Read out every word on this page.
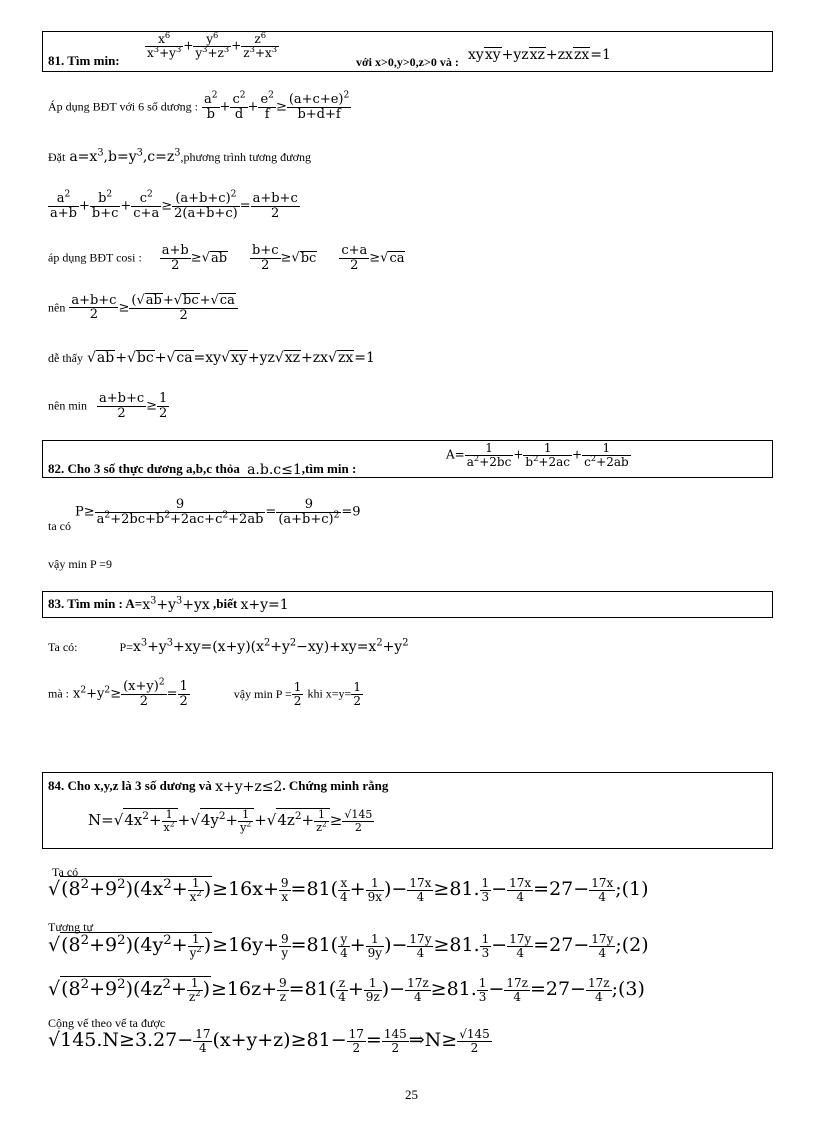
81. Tìm min:
$\frac{x^6}{x^3+y^3} + \frac{y^6}{y^3+z^3} + \frac{z^6}{z^3+x^3}$
với x>0,y>0,z>0 và : xyxy+yzxz+zxzx=1
Áp dụng BĐT với 6 số dương : $\frac{a^2}{b} + \frac{c^2}{d} + \frac{e^2}{f} \ge \frac{(a+c+e)^2}{b+d+f}$
Đặt $a=x^3,b=y^3,c=z^3,phương$ trình tương đương
$\frac{a^2}{a+b} + \frac{b^2}{b+c} + \frac{c^2}{c+a} \ge \frac{(a+b+c)^2}{2(a+b+c)} = \frac{a+b+c}{2}$
áp dụng BĐT cosi : $\frac{a+b}{2} \ge√ab \frac{b+c}{2} \ge√bc \frac{c+a}{2} \ge√ca$
nên $\frac{a+b+c}{2} \ge \frac{(√ab+√bc+√ca}{2}$
dễ thấy √ab+√bc+√ca=xy√xy+yz√xz+zx√zx=1
nên $\min \frac{a+b+c}{2} \ge \frac{1}{2}$
82. Cho 3 số thực dương a,b,c thỏa a.b.c≤1,tìm min :
$A= \frac{1}{a^2+2bc} + \frac{1}{b^2+2ac} + \frac{1}{c^2+2ab}$
$_{ta có}$ $P\ge \frac{9}{a^2+2bc+b^2+2ac+c^2+2ab} = \frac{9}{(a+b+c)^2} =9$
vậy min P =9
83. Tìm min : $A=x^3+y^3+yx$ ,biết x+y=1
Ta có:	$P=x^3+y^3+xy=(x+y)(x^2+y^2-xy)+xy=x^2+y^2$
mà : $x^2+y^2\ge \frac{(x+y)^2}{2} = \frac{1}{2}$	vậy $\min P = \frac{1}{2}$ khi $x=y= \frac{1}{2}$
84. Cho x,y,z là 3 số dương và x+y+z≤2. Chứng minh rằng
$N=√4x^2+ \frac{1}{x^2} +√4y^2+ \frac{1}{y^2} +√4z^2+ \frac{1}{z^2} \ge \frac{√145}{2}$
Ta có
$√(8^2+9^2)(4x^2+ \frac{1}{x^2} )\ge 16x+ \frac{9}{x} =81( \frac{x}{4} + \frac{1}{9x}$ )− $\frac{17x}{4} \ge 81$. $\frac{1}{3} - \frac{17x}{4} =27- \frac{17x}{4}$ ;(1)
Tương tự
$√(8^2+9^2)(4y^2+ \frac{1}{y^2} )\ge 16y+ \frac{9}{y} =81( \frac{y}{4} + \frac{1}{9y}$ )− $\frac{17y}{4} \ge 81$. $\frac{1}{3} - \frac{17y}{4} =27- \frac{17y}{4}$ ;(2)
$√(8^2+9^2)(4z^2+ \frac{1}{z^2} )\ge 16z+ \frac{9}{z} =81( \frac{z}{4} + \frac{1}{9z}$ )− $\frac{17z}{4} \ge 81$. $\frac{1}{3} - \frac{17z}{4} =27- \frac{17z}{4}$ ;(3)
Cộng vế theo vế ta được
$√145.N\ge 3.27- \frac{17}{4} (x+y+z)\ge 81- \frac{17}{2} = \frac{145}{2}$ ⇒N≥ $\frac{√145}{2}$
25
